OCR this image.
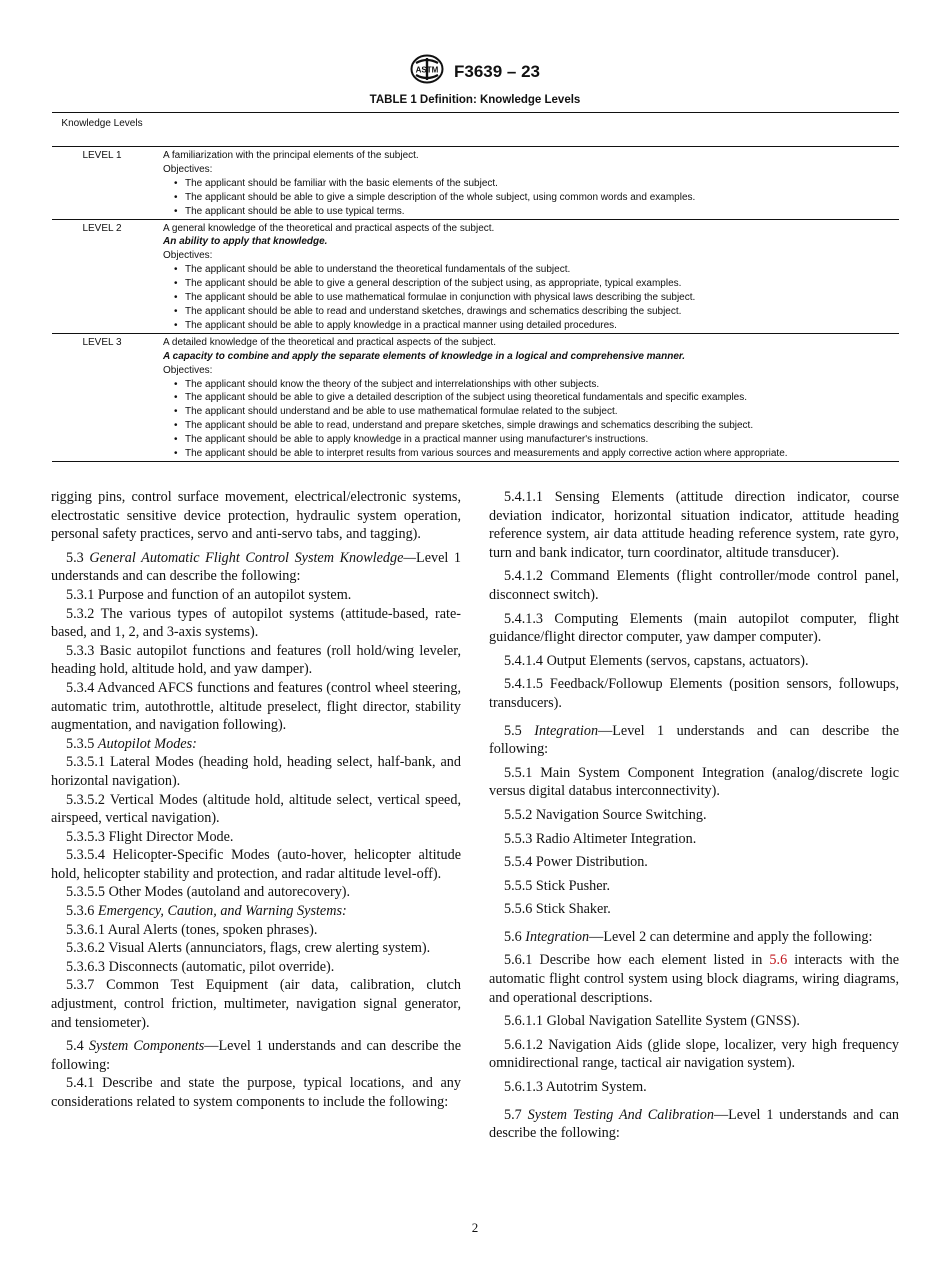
ASTM F3639 – 23
TABLE 1 Definition: Knowledge Levels
Knowledge Levels
LEVEL 1	A familiarization with the principal elements of the subject.
Objectives:
• The applicant should be familiar with the basic elements of the subject.
• The applicant should be able to give a simple description of the whole subject, using common words and examples.
• The applicant should be able to use typical terms.
LEVEL 2	A general knowledge of the theoretical and practical aspects of the subject.
An ability to apply that knowledge.
Objectives:
• The applicant should be able to understand the theoretical fundamentals of the subject.
• The applicant should be able to give a general description of the subject using, as appropriate, typical examples.
• The applicant should be able to use mathematical formulae in conjunction with physical laws describing the subject.
• The applicant should be able to read and understand sketches, drawings and schematics describing the subject.
• The applicant should be able to apply knowledge in a practical manner using detailed procedures.
LEVEL 3	A detailed knowledge of the theoretical and practical aspects of the subject.
A capacity to combine and apply the separate elements of knowledge in a logical and comprehensive manner.
Objectives:
• The applicant should know the theory of the subject and interrelationships with other subjects.
• The applicant should be able to give a detailed description of the subject using theoretical fundamentals and specific examples.
• The applicant should understand and be able to use mathematical formulae related to the subject.
• The applicant should be able to read, understand and prepare sketches, simple drawings and schematics describing the subject.
• The applicant should be able to apply knowledge in a practical manner using manufacturer's instructions.
• The applicant should be able to interpret results from various sources and measurements and apply corrective action where appropriate.

rigging pins, control surface movement, electrical/electronic systems, electrostatic sensitive device protection, hydraulic system operation, personal safety practices, servo and anti-servo tabs, and tagging).

5.3 General Automatic Flight Control System Knowledge—Level 1 understands and can describe the following:

5.3.1 Purpose and function of an autopilot system.

5.3.2 The various types of autopilot systems (attitude-based, rate-based, and 1, 2, and 3-axis systems).

5.3.3 Basic autopilot functions and features (roll hold/wing leveler, heading hold, altitude hold, and yaw damper).

5.3.4 Advanced AFCS functions and features (control wheel steering, automatic trim, autothrottle, altitude preselect, flight director, stability augmentation, and navigation following).

5.3.5 Autopilot Modes:

5.3.5.1 Lateral Modes (heading hold, heading select, half-bank, and horizontal navigation).

5.3.5.2 Vertical Modes (altitude hold, altitude select, vertical speed, airspeed, vertical navigation).

5.3.5.3 Flight Director Mode.

5.3.5.4 Helicopter-Specific Modes (auto-hover, helicopter altitude hold, helicopter stability and protection, and radar altitude level-off).

5.3.5.5 Other Modes (autoland and autorecovery).

5.3.6 Emergency, Caution, and Warning Systems:

5.3.6.1 Aural Alerts (tones, spoken phrases).

5.3.6.2 Visual Alerts (annunciators, flags, crew alerting system).

5.3.6.3 Disconnects (automatic, pilot override).

5.3.7 Common Test Equipment (air data, calibration, clutch adjustment, control friction, multimeter, navigation signal generator, and tensiometer).

5.4 System Components—Level 1 understands and can describe the following:

5.4.1 Describe and state the purpose, typical locations, and any considerations related to system components to include the following:

5.4.1.1 Sensing Elements (attitude direction indicator, course deviation indicator, horizontal situation indicator, attitude heading reference system, air data attitude heading reference system, rate gyro, turn and bank indicator, turn coordinator, altitude transducer).

5.4.1.2 Command Elements (flight controller/mode control panel, disconnect switch).

5.4.1.3 Computing Elements (main autopilot computer, flight guidance/flight director computer, yaw damper computer).

5.4.1.4 Output Elements (servos, capstans, actuators).

5.4.1.5 Feedback/Followup Elements (position sensors, followups, transducers).

5.5 Integration—Level 1 understands and can describe the following:

5.5.1 Main System Component Integration (analog/discrete logic versus digital databus interconnectivity).

5.5.2 Navigation Source Switching.

5.5.3 Radio Altimeter Integration.

5.5.4 Power Distribution.

5.5.5 Stick Pusher.

5.5.6 Stick Shaker.

5.6 Integration—Level 2 can determine and apply the following:

5.6.1 Describe how each element listed in 5.6 interacts with the automatic flight control system using block diagrams, wiring diagrams, and operational descriptions.

5.6.1.1 Global Navigation Satellite System (GNSS).

5.6.1.2 Navigation Aids (glide slope, localizer, very high frequency omnidirectional range, tactical air navigation system).

5.6.1.3 Autotrim System.

5.7 System Testing And Calibration—Level 1 understands and can describe the following:

2
